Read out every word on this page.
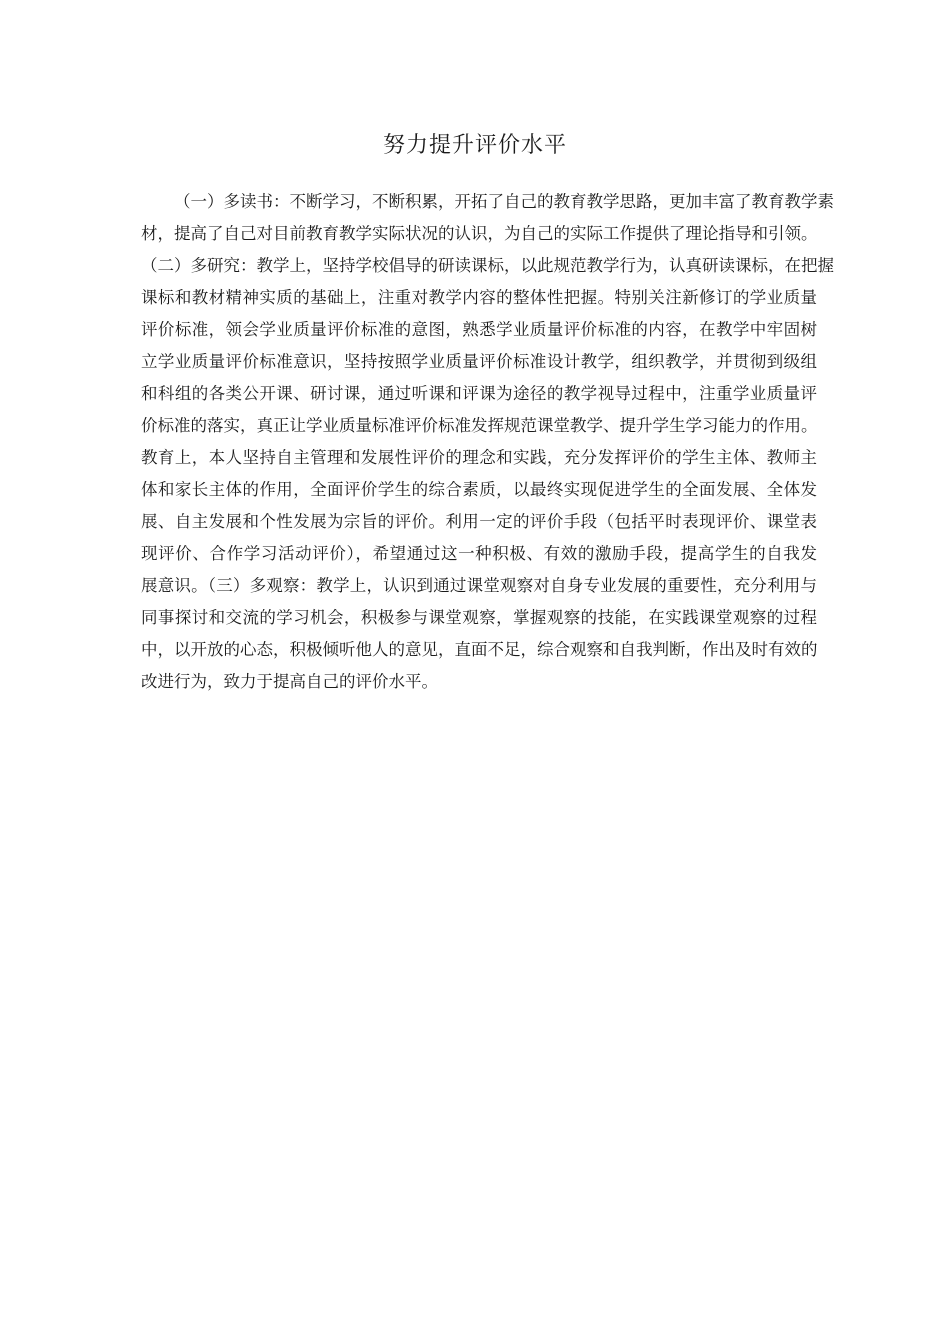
努力提升评价水平
（一）多读书：不断学习，不断积累，开拓了自己的教育教学思路，更加丰富了教育教学素
材，提高了自己对目前教育教学实际状况的认识，为自己的实际工作提供了理论指导和引领。
（二）多研究：教学上，坚持学校倡导的研读课标，以此规范教学行为，认真研读课标，在把握
课标和教材精神实质的基础上，注重对教学内容的整体性把握。特别关注新修订的学业质量
评价标准，领会学业质量评价标准的意图，熟悉学业质量评价标准的内容，在教学中牢固树
立学业质量评价标准意识，坚持按照学业质量评价标准设计教学，组织教学，并贯彻到级组
和科组的各类公开课、研讨课，通过听课和评课为途径的教学视导过程中，注重学业质量评
价标准的落实，真正让学业质量标准评价标准发挥规范课堂教学、提升学生学习能力的作用。
教育上，本人坚持自主管理和发展性评价的理念和实践，充分发挥评价的学生主体、教师主
体和家长主体的作用，全面评价学生的综合素质，以最终实现促进学生的全面发展、全体发
展、自主发展和个性发展为宗旨的评价。利用一定的评价手段（包括平时表现评价、课堂表
现评价、合作学习活动评价），希望通过这一种积极、有效的激励手段，提高学生的自我发
展意识。（三）多观察：教学上，认识到通过课堂观察对自身专业发展的重要性，充分利用与
同事探讨和交流的学习机会，积极参与课堂观察，掌握观察的技能，在实践课堂观察的过程
中，以开放的心态，积极倾听他人的意见，直面不足，综合观察和自我判断，作出及时有效的
改进行为，致力于提高自己的评价水平。
